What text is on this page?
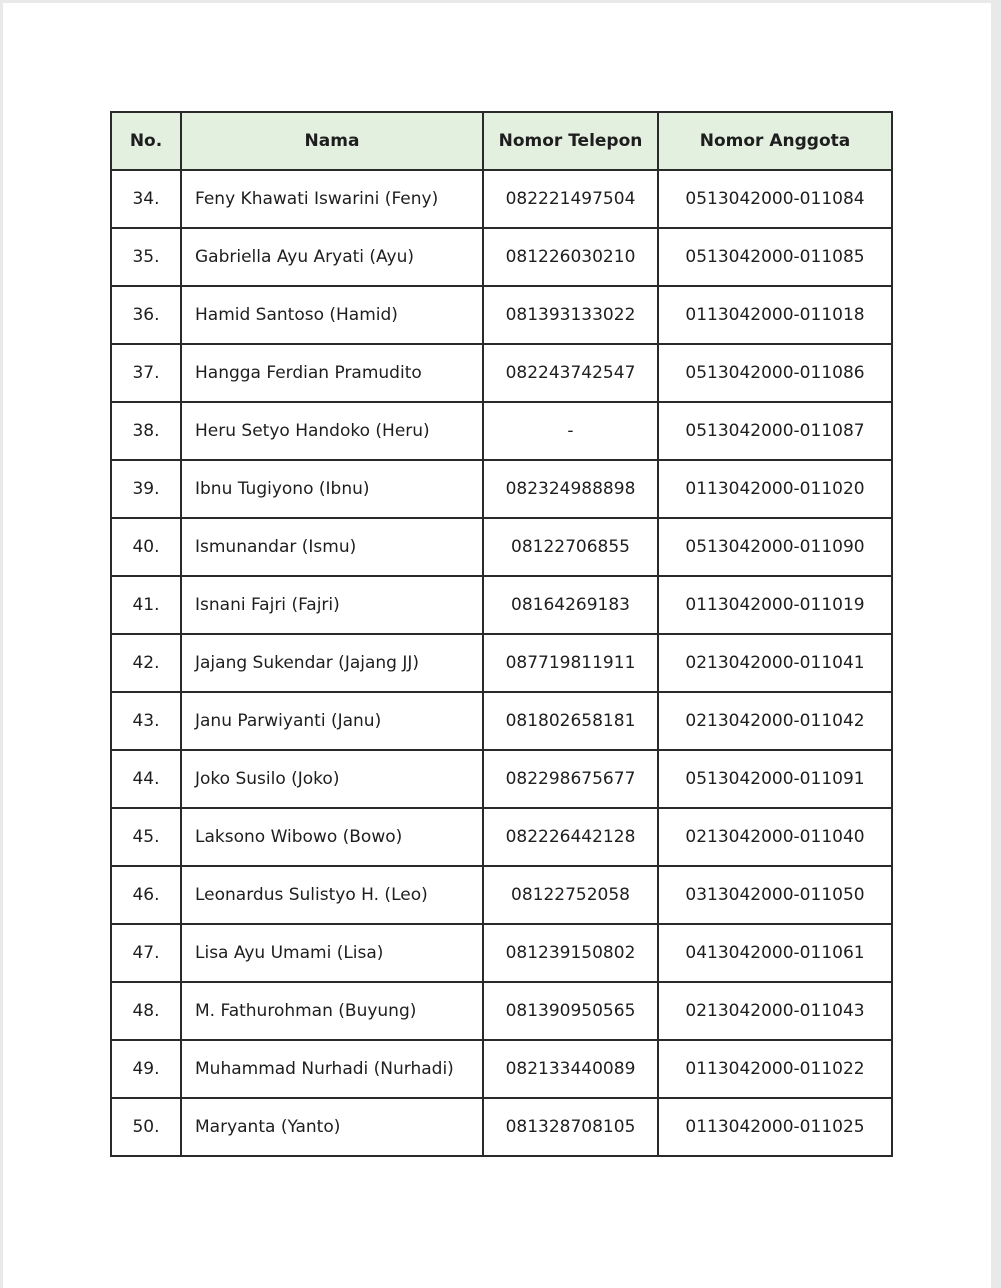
No.	Nama	Nomor Telepon	Nomor Anggota
34.	Feny Khawati Iswarini (Feny)	082221497504	0513042000-011084
35.	Gabriella Ayu Aryati (Ayu)	081226030210	0513042000-011085
36.	Hamid Santoso (Hamid)	081393133022	0113042000-011018
37.	Hangga Ferdian Pramudito	082243742547	0513042000-011086
38.	Heru Setyo Handoko (Heru)	-	0513042000-011087
39.	Ibnu Tugiyono (Ibnu)	082324988898	0113042000-011020
40.	Ismunandar (Ismu)	08122706855	0513042000-011090
41.	Isnani Fajri (Fajri)	08164269183	0113042000-011019
42.	Jajang Sukendar (Jajang JJ)	087719811911	0213042000-011041
43.	Janu Parwiyanti (Janu)	081802658181	0213042000-011042
44.	Joko Susilo (Joko)	082298675677	0513042000-011091
45.	Laksono Wibowo (Bowo)	082226442128	0213042000-011040
46.	Leonardus Sulistyo H. (Leo)	08122752058	0313042000-011050
47.	Lisa Ayu Umami (Lisa)	081239150802	0413042000-011061
48.	M. Fathurohman (Buyung)	081390950565	0213042000-011043
49.	Muhammad Nurhadi (Nurhadi)	082133440089	0113042000-011022
50.	Maryanta (Yanto)	081328708105	0113042000-011025
